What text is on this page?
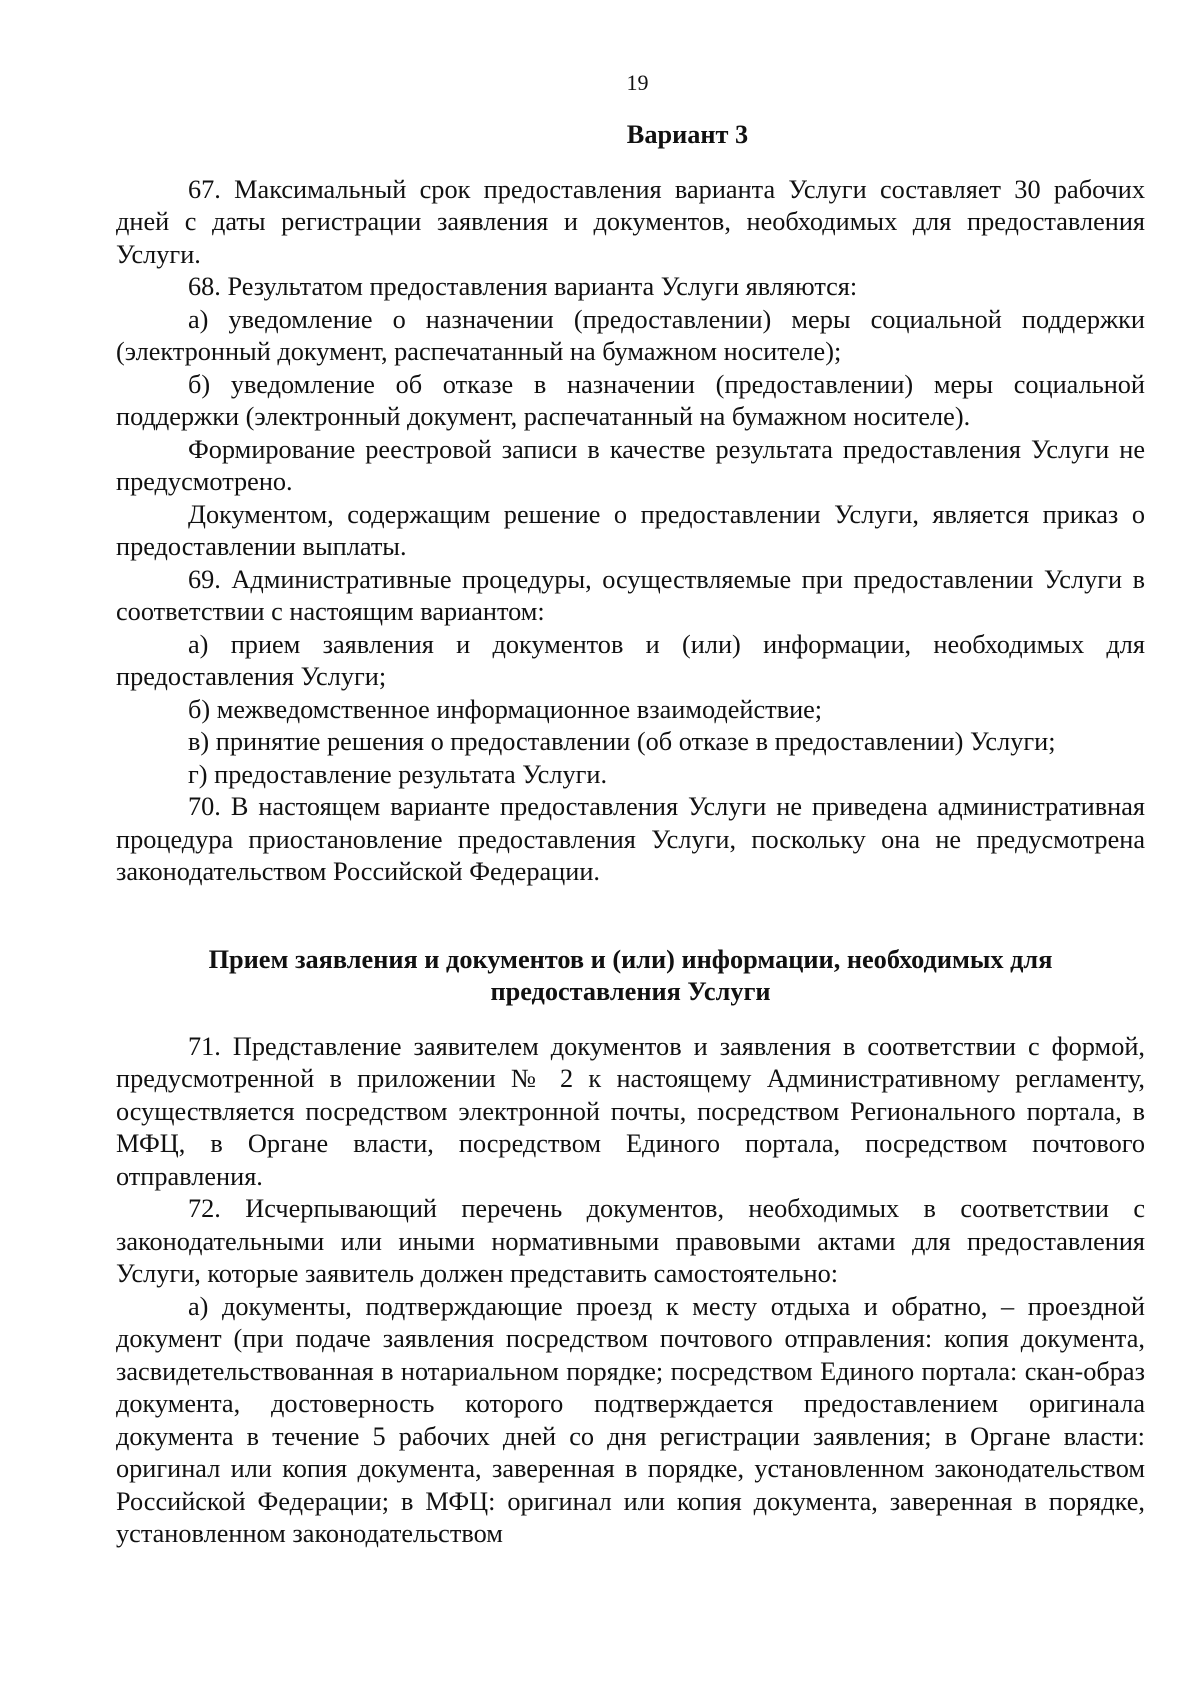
19

Вариант 3

67. Максимальный срок предоставления варианта Услуги составляет 30 рабочих дней с даты регистрации заявления и документов, необходимых для предоставления Услуги.

68. Результатом предоставления варианта Услуги являются:

а) уведомление о назначении (предоставлении) меры социальной поддержки (электронный документ, распечатанный на бумажном носителе);

б) уведомление об отказе в назначении (предоставлении) меры социальной поддержки (электронный документ, распечатанный на бумажном носителе).

Формирование реестровой записи в качестве результата предоставления Услуги не предусмотрено.

Документом, содержащим решение о предоставлении Услуги, является приказ о предоставлении выплаты.

69. Административные процедуры, осуществляемые при предоставлении Услуги в соответствии с настоящим вариантом:

а) прием заявления и документов и (или) информации, необходимых для предоставления Услуги;

б) межведомственное информационное взаимодействие;

в) принятие решения о предоставлении (об отказе в предоставлении) Услуги;

г) предоставление результата Услуги.

70. В настоящем варианте предоставления Услуги не приведена административная процедура приостановление предоставления Услуги, поскольку она не предусмотрена законодательством Российской Федерации.

Прием заявления и документов и (или) информации, необходимых для предоставления Услуги

71. Представление заявителем документов и заявления в соответствии с формой, предусмотренной в приложении № 2 к настоящему Административному регламенту, осуществляется посредством электронной почты, посредством Регионального портала, в МФЦ, в Органе власти, посредством Единого портала, посредством почтового отправления.

72. Исчерпывающий перечень документов, необходимых в соответствии с законодательными или иными нормативными правовыми актами для предоставления Услуги, которые заявитель должен представить самостоятельно:

а) документы, подтверждающие проезд к месту отдыха и обратно, – проездной документ (при подаче заявления посредством почтового отправления: копия документа, засвидетельствованная в нотариальном порядке; посредством Единого портала: скан-образ документа, достоверность которого подтверждается предоставлением оригинала документа в течение 5 рабочих дней со дня регистрации заявления; в Органе власти: оригинал или копия документа, заверенная в порядке, установленном законодательством Российской Федерации; в МФЦ: оригинал или копия документа, заверенная в порядке, установленном законодательством
